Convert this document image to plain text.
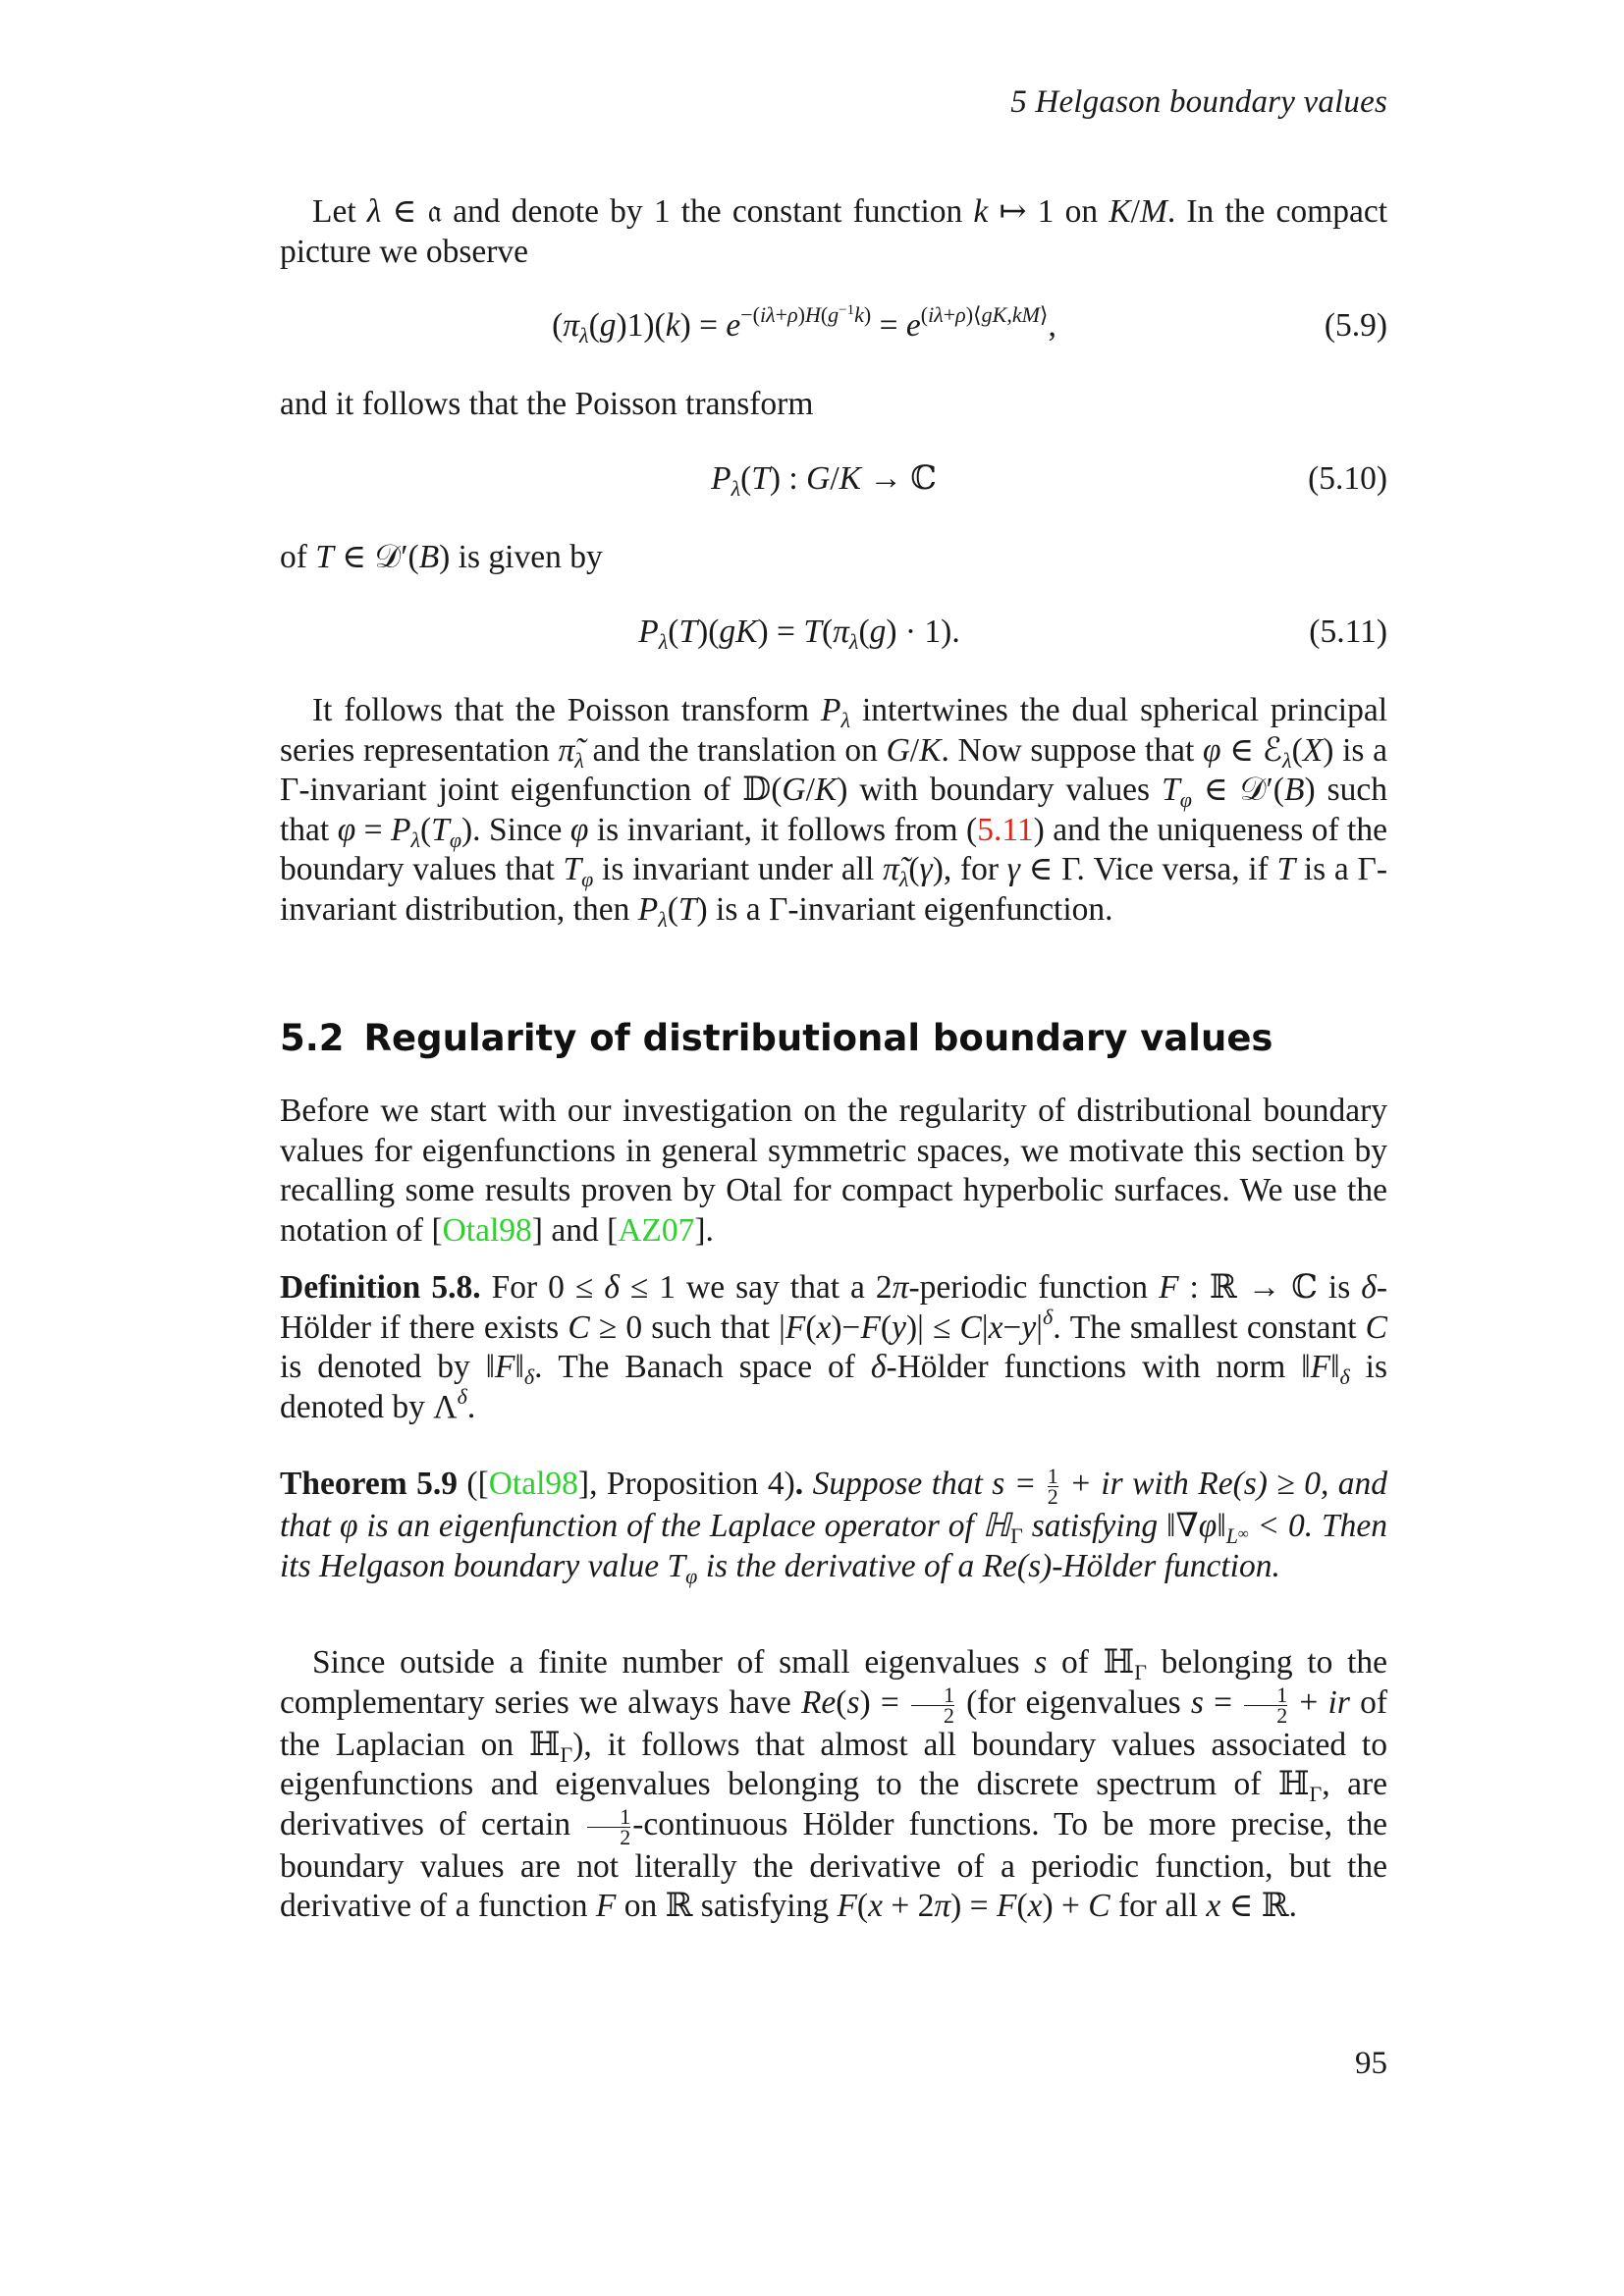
5 Helgason boundary values
Let λ ∈ 𝔞 and denote by 1 the constant function k ↦ 1 on K/M. In the compact picture we observe
$(\pi_\lambda(g)1)(k) = e^{-(i\lambda+\rho)H(g^{-1}k)} = e^{(i\lambda+\rho)⟨gK,kM⟩}$,	(5.9)
and it follows that the Poisson transform
$P_\lambda(T)$ : G/K → ℂ	(5.10)
of T ∈ 𝒟′(B) is given by
$P_\lambda(T)(gK) = T(\pi_\lambda(g) \cdot 1)$.	(5.11)
It follows that the Poisson transform $P_\lambda$ intertwines the dual spherical principal series representation $\pĩ_\lambda$ and the translation on G/K. Now suppose that φ ∈ ℰ$_\lambda$(X) is a Γ-invariant joint eigenfunction of 𝔻(G/K) with boundary values $T_\varphi$ ∈ 𝒟′(B) such that $\varphi = P_\lambda(T_\varphi)$. Since φ is invariant, it follows from (5.11) and the uniqueness of the boundary values that $T_\varphi$ is invariant under all $\pĩ_\lambda(\gamma)$, for γ ∈ Γ. Vice versa, if T is a Γ-invariant distribution, then $P_\lambda(T)$ is a Γ-invariant eigenfunction.
5.2 Regularity of distributional boundary values
Before we start with our investigation on the regularity of distributional boundary values for eigenfunctions in general symmetric spaces, we motivate this section by recalling some results proven by Otal for compact hyperbolic surfaces. We use the notation of [Otal98] and [AZ07].
Definition 5.8. For 0 ≤ δ ≤ 1 we say that a 2π-periodic function F : ℝ → ℂ is δ-Hölder if there exists C ≥ 0 such that $|F(x)-F(y)| \le C|x-y|^\delta$. The smallest constant C is denoted by $‖F‖_\delta$. The Banach space of δ-Hölder functions with norm $‖F‖_\delta$ is denoted by $\Lambda^\delta$.
Theorem 5.9 ([Otal98], Proposition 4). Suppose that $s = \frac{1}{2}$ + ir with Re(s) ≥ 0, and that φ is an eigenfunction of the Laplace operator of ℍ$_\Gamma$ satisfying $‖\nabla\varphi‖_{L^\infty} < 0$. Then its Helgason boundary value $T_\varphi$ is the derivative of a Re(s)-Hölder function.
Since outside a finite number of small eigenvalues s of ℍ$_\Gamma$ belonging to the complementary series we always have $Re(s) = \frac{1}{2} (for$ eigenvalues $s = \frac{1}{2}$ + ir of the Laplacian on ℍ$_\Gamma$), it follows that almost all boundary values associated to eigenfunctions and eigenvalues belonging to the discrete spectrum of ℍ$_\Gamma$, are derivatives of certain $\frac{1}{2}$ -continuous Hölder functions. To be more precise, the boundary values are not literally the derivative of a periodic function, but the derivative of a function F on ℝ satisfying F(x + 2π) = F(x) + C for all x ∈ ℝ.
95
